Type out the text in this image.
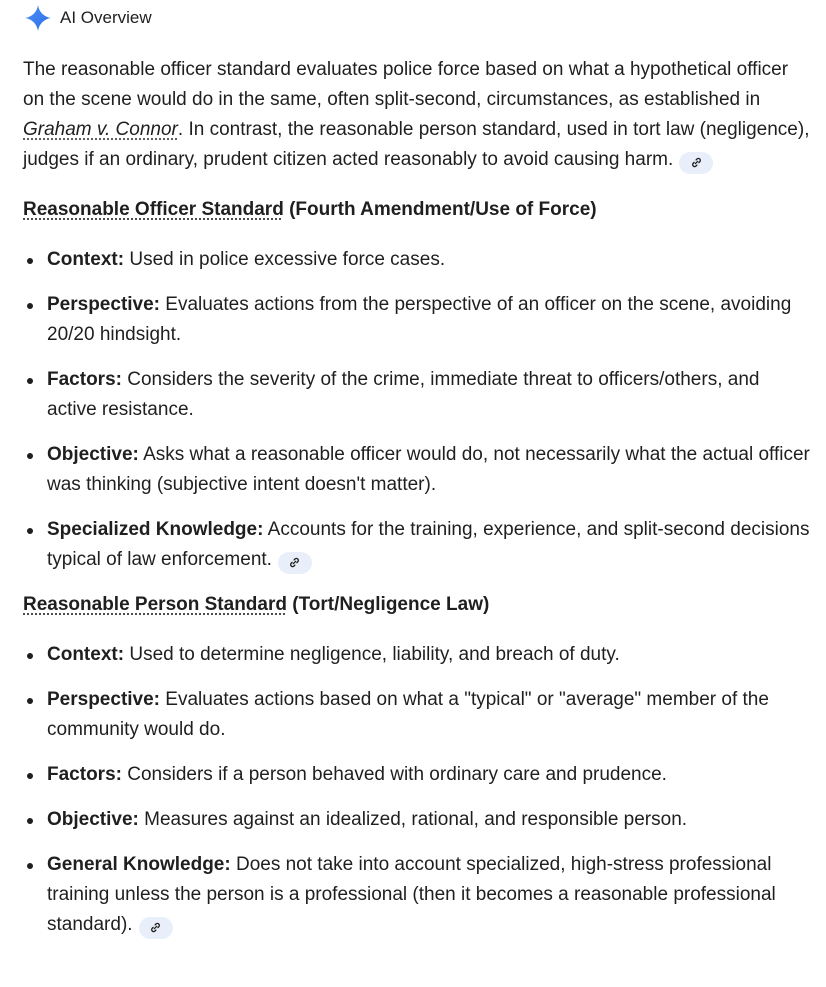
AI Overview

The reasonable officer standard evaluates police force based on what a hypothetical officer on the scene would do in the same, often split-second, circumstances, as established in Graham v. Connor. In contrast, the reasonable person standard, used in tort law (negligence), judges if an ordinary, prudent citizen acted reasonably to avoid causing harm.

Reasonable Officer Standard (Fourth Amendment/Use of Force)

Context: Used in police excessive force cases.
Perspective: Evaluates actions from the perspective of an officer on the scene, avoiding 20/20 hindsight.
Factors: Considers the severity of the crime, immediate threat to officers/others, and active resistance.
Objective: Asks what a reasonable officer would do, not necessarily what the actual officer was thinking (subjective intent doesn't matter).
Specialized Knowledge: Accounts for the training, experience, and split-second decisions typical of law enforcement.

Reasonable Person Standard (Tort/Negligence Law)

Context: Used to determine negligence, liability, and breach of duty.
Perspective: Evaluates actions based on what a "typical" or "average" member of the community would do.
Factors: Considers if a person behaved with ordinary care and prudence.
Objective: Measures against an idealized, rational, and responsible person.
General Knowledge: Does not take into account specialized, high-stress professional training unless the person is a professional (then it becomes a reasonable professional standard).
